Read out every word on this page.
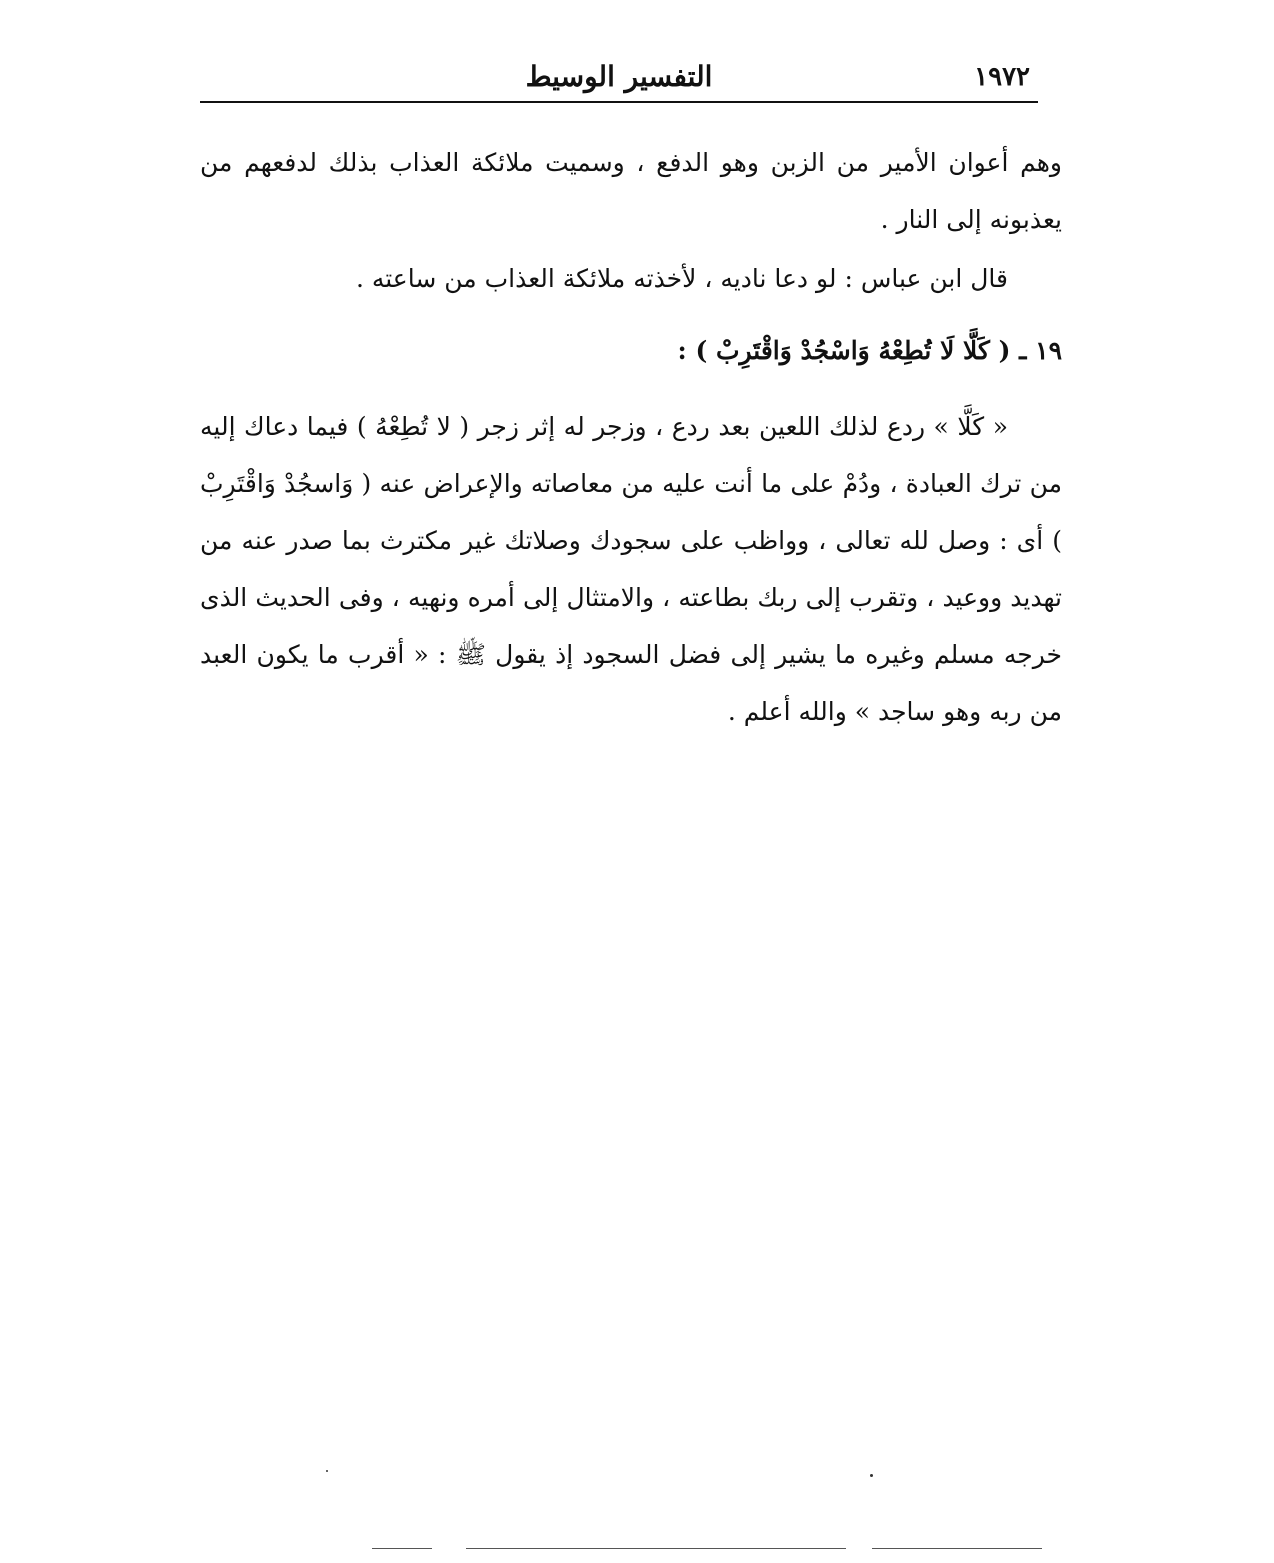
١٩٧٢
التفسير الوسيط

وهم أعوان الأمير من الزبن وهو الدفع ، وسميت ملائكة العذاب بذلك لدفعهم من يعذبونه إلى النار .

قال ابن عباس : لو دعا ناديه ، لأخذته ملائكة العذاب من ساعته .

١٩ ـ ( كَلَّا لَا تُطِعْهُ وَاسْجُدْ وَاقْتَرِبْ ) :

« كَلَّا » ردع لذلك اللعين بعد ردع ، وزجر له إثر زجر ( لا تُطِعْهُ ) فيما دعاك إليه من ترك العبادة ، ودُمْ على ما أنت عليه من معاصاته والإعراض عنه ( وَاسجُدْ وَاقْتَرِبْ ) أى : وصل لله تعالى ، وواظب على سجودك وصلاتك غير مكترث بما صدر عنه من تهديد ووعيد ، وتقرب إلى ربك بطاعته ، والامتثال إلى أمره ونهيه ، وفى الحديث الذى خرجه مسلم وغيره ما يشير إلى فضل السجود إذ يقول ﷺ : « أقرب ما يكون العبد من ربه وهو ساجد » والله أعلم .
